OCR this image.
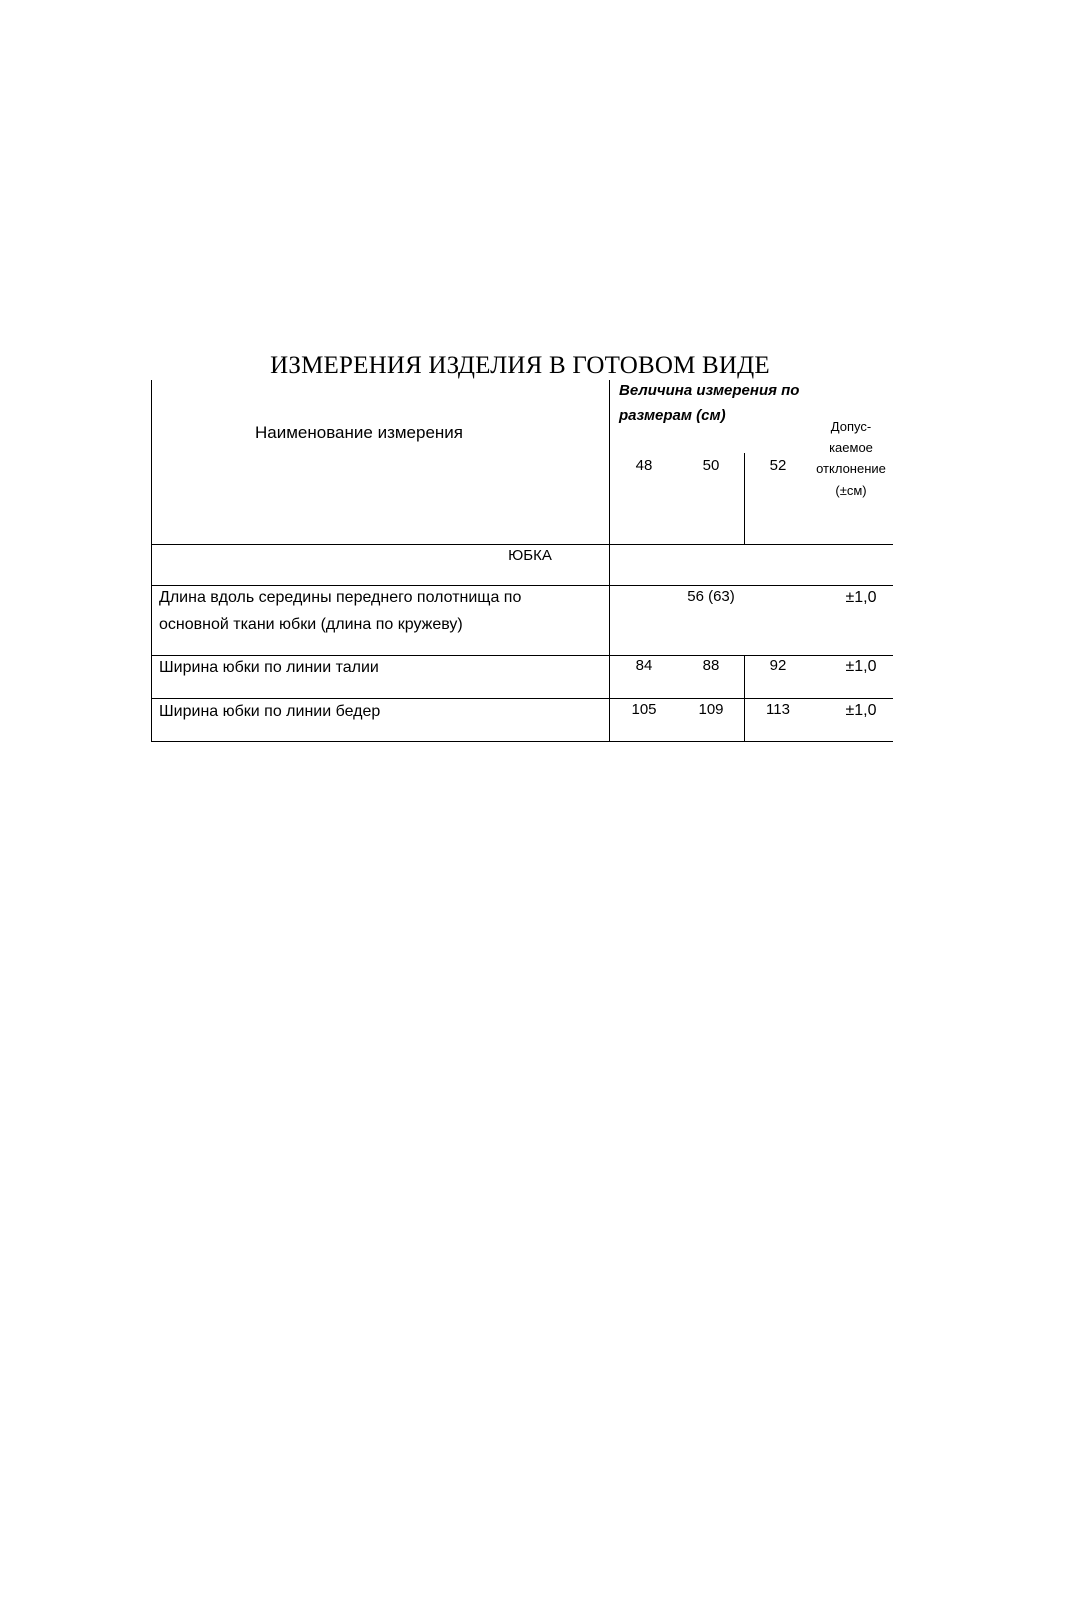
ИЗМЕРЕНИЯ ИЗДЕЛИЯ В ГОТОВОМ ВИДЕ
Наименование измерения
Величина измерения по
размерам (см)
48	50	52
Допус-
каемое
отклонение
(±см)
ЮБКА
Длина вдоль середины переднего полотнища по
основной ткани юбки (длина по кружеву)
56 (63)	±1,0
Ширина юбки по линии талии	84	88	92	±1,0
Ширина юбки по линии бедер	105	109	113	±1,0
